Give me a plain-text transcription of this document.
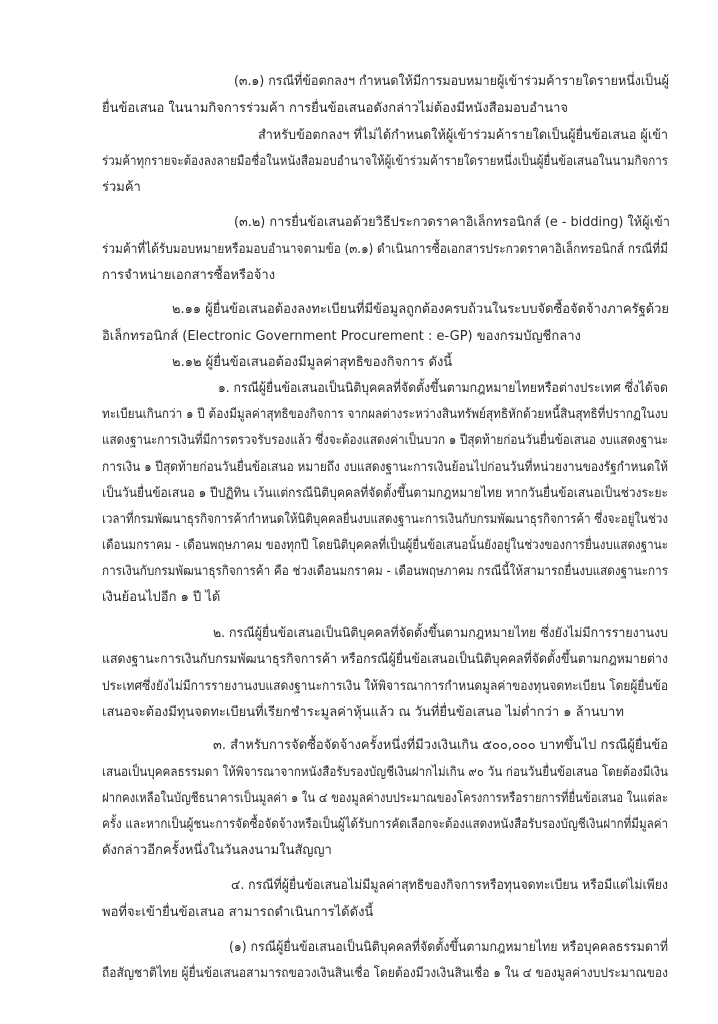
(๓.๑) กรณีที่ข้อตกลงฯ กำหนดให้มีการมอบหมายผู้เข้าร่วมค้ารายใดรายหนึ่งเป็นผู้
ยื่นข้อเสนอ ในนามกิจการร่วมค้า การยื่นข้อเสนอดังกล่าวไม่ต้องมีหนังสือมอบอำนาจ
สำหรับข้อตกลงฯ ที่ไม่ได้กำหนดให้ผู้เข้าร่วมค้ารายใดเป็นผู้ยื่นข้อเสนอ ผู้เข้า
ร่วมค้าทุกรายจะต้องลงลายมือชื่อในหนังสือมอบอำนาจให้ผู้เข้าร่วมค้ารายใดรายหนึ่งเป็นผู้ยื่นข้อเสนอในนามกิจการ
ร่วมค้า
(๓.๒) การยื่นข้อเสนอด้วยวิธีประกวดราคาอิเล็กทรอนิกส์ (e - bidding) ให้ผู้เข้า
ร่วมค้าที่ได้รับมอบหมายหรือมอบอำนาจตามข้อ (๓.๑) ดำเนินการซื้อเอกสารประกวดราคาอิเล็กทรอนิกส์ กรณีที่มี
การจำหน่ายเอกสารซื้อหรือจ้าง
๒.๑๑ ผู้ยื่นข้อเสนอต้องลงทะเบียนที่มีข้อมูลถูกต้องครบถ้วนในระบบจัดซื้อจัดจ้างภาครัฐด้วย
อิเล็กทรอนิกส์ (Electronic Government Procurement : e-GP) ของกรมบัญชีกลาง
๒.๑๒ ผู้ยื่นข้อเสนอต้องมีมูลค่าสุทธิของกิจการ ดังนี้
๑. กรณีผู้ยื่นข้อเสนอเป็นนิติบุคคลที่จัดตั้งขึ้นตามกฎหมายไทยหรือต่างประเทศ ซึ่งได้จด
ทะเบียนเกินกว่า ๑ ปี ต้องมีมูลค่าสุทธิของกิจการ จากผลต่างระหว่างสินทรัพย์สุทธิหักด้วยหนี้สินสุทธิที่ปรากฏในงบ
แสดงฐานะการเงินที่มีการตรวจรับรองแล้ว ซึ่งจะต้องแสดงค่าเป็นบวก ๑ ปีสุดท้ายก่อนวันยื่นข้อเสนอ งบแสดงฐานะ
การเงิน ๑ ปีสุดท้ายก่อนวันยื่นข้อเสนอ หมายถึง งบแสดงฐานะการเงินย้อนไปก่อนวันที่หน่วยงานของรัฐกำหนดให้
เป็นวันยื่นข้อเสนอ ๑ ปีปฏิทิน เว้นแต่กรณีนิติบุคคลที่จัดตั้งขึ้นตามกฎหมายไทย หากวันยื่นข้อเสนอเป็นช่วงระยะ
เวลาที่กรมพัฒนาธุรกิจการค้ากำหนดให้นิติบุคคลยื่นงบแสดงฐานะการเงินกับกรมพัฒนาธุรกิจการค้า ซึ่งจะอยู่ในช่วง
เดือนมกราคม - เดือนพฤษภาคม ของทุกปี โดยนิติบุคคลที่เป็นผู้ยื่นข้อเสนอนั้นยังอยู่ในช่วงของการยื่นงบแสดงฐานะ
การเงินกับกรมพัฒนาธุรกิจการค้า คือ ช่วงเดือนมกราคม - เดือนพฤษภาคม กรณีนี้ให้สามารถยื่นงบแสดงฐานะการ
เงินย้อนไปอีก ๑ ปี ได้
๒. กรณีผู้ยื่นข้อเสนอเป็นนิติบุคคลที่จัดตั้งขึ้นตามกฎหมายไทย ซึ่งยังไม่มีการรายงานงบ
แสดงฐานะการเงินกับกรมพัฒนาธุรกิจการค้า หรือกรณีผู้ยื่นข้อเสนอเป็นนิติบุคคลที่จัดตั้งขึ้นตามกฎหมายต่าง
ประเทศซึ่งยังไม่มีการรายงานงบแสดงฐานะการเงิน ให้พิจารณาการกำหนดมูลค่าของทุนจดทะเบียน โดยผู้ยื่นข้อ
เสนอจะต้องมีทุนจดทะเบียนที่เรียกชำระมูลค่าหุ้นแล้ว ณ วันที่ยื่นข้อเสนอ ไม่ต่ำกว่า ๑ ล้านบาท
๓. สำหรับการจัดซื้อจัดจ้างครั้งหนึ่งที่มีวงเงินเกิน ๕๐๐,๐๐๐ บาทขึ้นไป กรณีผู้ยื่นข้อ
เสนอเป็นบุคคลธรรมดา ให้พิจารณาจากหนังสือรับรองบัญชีเงินฝากไม่เกิน ๙๐ วัน ก่อนวันยื่นข้อเสนอ โดยต้องมีเงิน
ฝากคงเหลือในบัญชีธนาคารเป็นมูลค่า ๑ ใน ๔ ของมูลค่างบประมาณของโครงการหรือรายการที่ยื่นข้อเสนอ ในแต่ละ
ครั้ง และหากเป็นผู้ชนะการจัดซื้อจัดจ้างหรือเป็นผู้ได้รับการคัดเลือกจะต้องแสดงหนังสือรับรองบัญชีเงินฝากที่มีมูลค่า
ดังกล่าวอีกครั้งหนึ่งในวันลงนามในสัญญา
๔. กรณีที่ผู้ยื่นข้อเสนอไม่มีมูลค่าสุทธิของกิจการหรือทุนจดทะเบียน หรือมีแต่ไม่เพียง
พอที่จะเข้ายื่นข้อเสนอ สามารถดำเนินการได้ดังนี้
(๑) กรณีผู้ยื่นข้อเสนอเป็นนิติบุคคลที่จัดตั้งขึ้นตามกฎหมายไทย หรือบุคคลธรรมดาที่
ถือสัญชาติไทย ผู้ยื่นข้อเสนอสามารถขอวงเงินสินเชื่อ โดยต้องมีวงเงินสินเชื่อ ๑ ใน ๔ ของมูลค่างบประมาณของ
